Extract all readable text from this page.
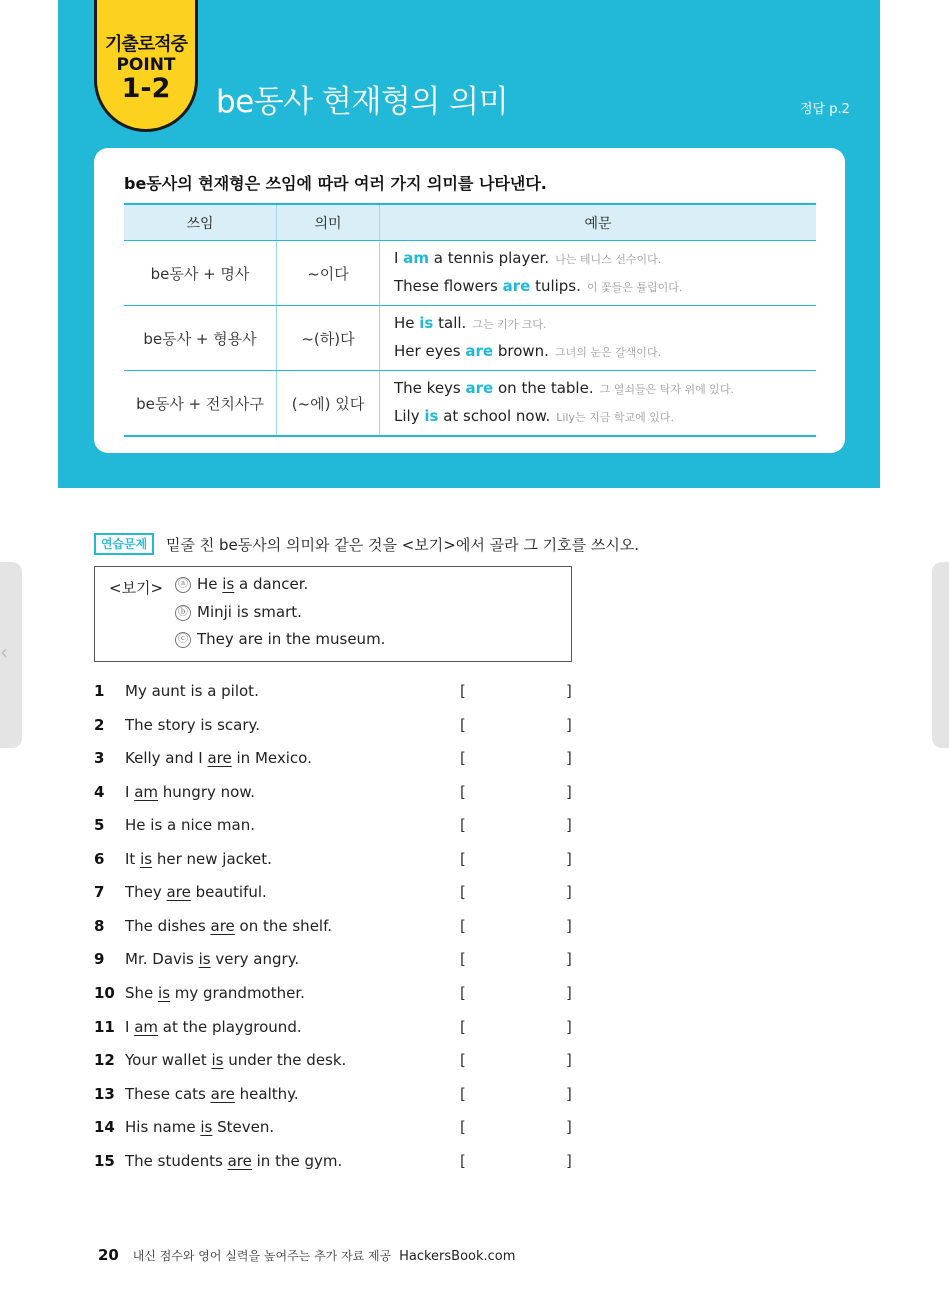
기출로적중
POINT
1-2	be동사 현재형의 의미	정답 p.2
be동사의 현재형은 쓰임에 따라 여러 가지 의미를 나타낸다.
쓰임	의미	예문
be동사 + 명사	~이다	I am a tennis player. 나는 테니스 선수이다.
These flowers are tulips. 이 꽃들은 튤립이다.

be동사 + 형용사	~(하)다	He is tall. 그는 키가 크다.
Her eyes are brown. 그녀의 눈은 갈색이다.

be동사 + 전치사구	(~에) 있다	The keys are on the table. 그 열쇠들은 탁자 위에 있다.
Lily is at school now. Lily는 지금 학교에 있다.
‹
연습문제	밑줄 친 be동사의 의미와 같은 것을 <보기>에서 골라 그 기호를 쓰시오.
<보기>	ⓐ He is a dancer.
ⓑ Minji is smart.
ⓒ They are in the museum.
1	My aunt is a pilot.	[	]
2	The story is scary.	[	]
3	Kelly and I are in Mexico.	[	]
4	I am hungry now.	[	]
5	He is a nice man.	[	]
6	It is her new jacket.	[	]
7	They are beautiful.	[	]
8	The dishes are on the shelf.	[	]
9	Mr. Davis is very angry.	[	]
10 She is my grandmother.	[	]
11 I am at the playground.	[	]
12 Your wallet is under the desk.	[	]
13 These cats are healthy.	[	]
14 His name is Steven.	[	]
15 The students are in the gym.	[	]
20 내신 점수와 영어 실력을 높여주는 추가 자료 제공 HackersBook.com
